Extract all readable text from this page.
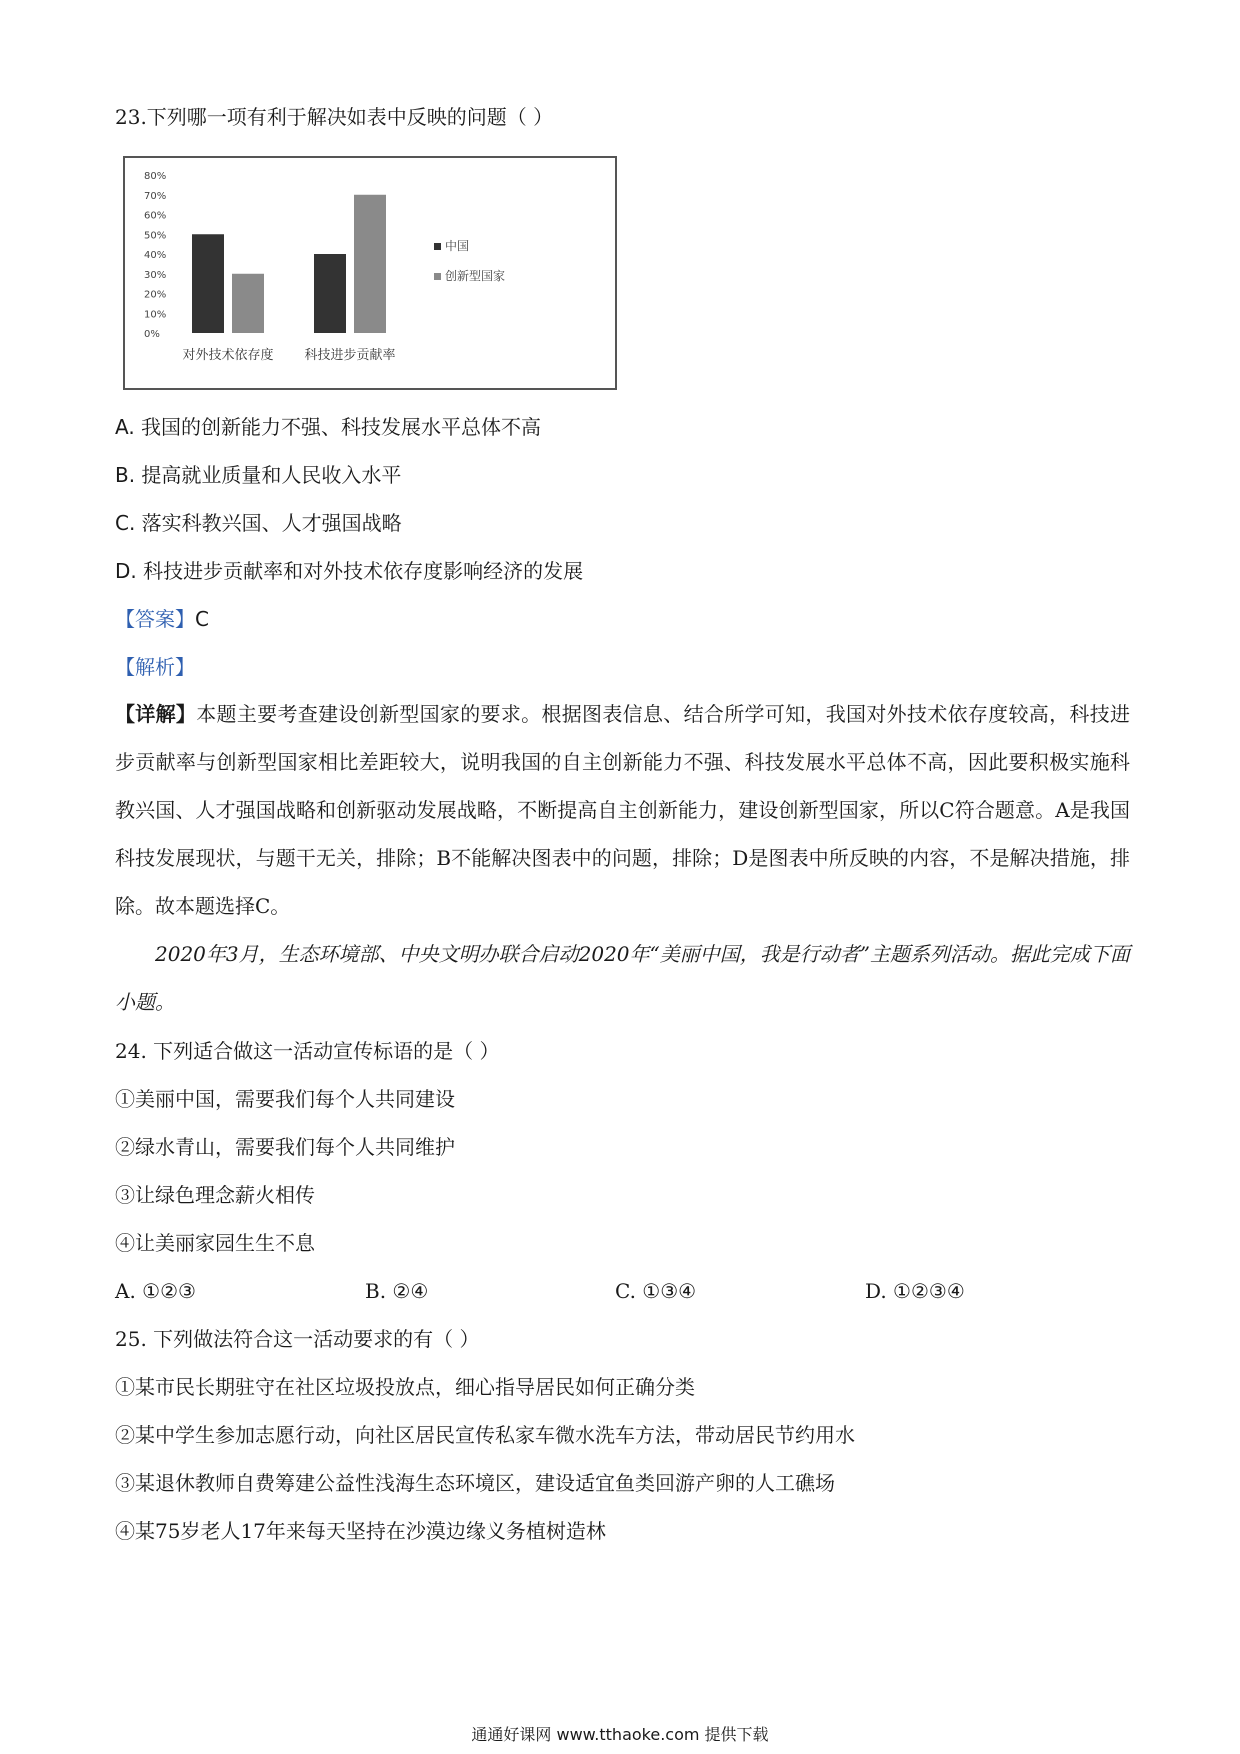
23.下列哪一项有利于解决如表中反映的问题（ ）
80%
70%
60%
50%
40%
30%
20%
10%
0%
对外技术依存度 科技进步贡献率
中国
创新型国家
A. 我国的创新能力不强、科技发展水平总体不高
B. 提高就业质量和人民收入水平
C. 落实科教兴国、人才强国战略
D. 科技进步贡献率和对外技术依存度影响经济的发展
【答案】C
【解析】
【详解】本题主要考查建设创新型国家的要求。根据图表信息、结合所学可知，我国对外技术依存度较高，科技进步贡献率与创新型国家相比差距较大，说明我国的自主创新能力不强、科技发展水平总体不高，因此要积极实施科教兴国、人才强国战略和创新驱动发展战略，不断提高自主创新能力，建设创新型国家，所以C符合题意。A是我国科技发展现状，与题干无关，排除；B不能解决图表中的问题，排除；D是图表中所反映的内容，不是解决措施，排除。故本题选择C。
2020年3月，生态环境部、中央文明办联合启动2020年“美丽中国，我是行动者”主题系列活动。据此完成下面小题。
24. 下列适合做这一活动宣传标语的是（ ）
①美丽中国，需要我们每个人共同建设
②绿水青山，需要我们每个人共同维护
③让绿色理念薪火相传
④让美丽家园生生不息
A. ①②③	B. ②④	C. ①③④	D. ①②③④
25. 下列做法符合这一活动要求的有（ ）
①某市民长期驻守在社区垃圾投放点，细心指导居民如何正确分类
②某中学生参加志愿行动，向社区居民宣传私家车微水洗车方法，带动居民节约用水
③某退休教师自费筹建公益性浅海生态环境区，建设适宜鱼类回游产卵的人工礁场
④某75岁老人17年来每天坚持在沙漠边缘义务植树造林
通通好课网 www.tthaoke.com 提供下载
